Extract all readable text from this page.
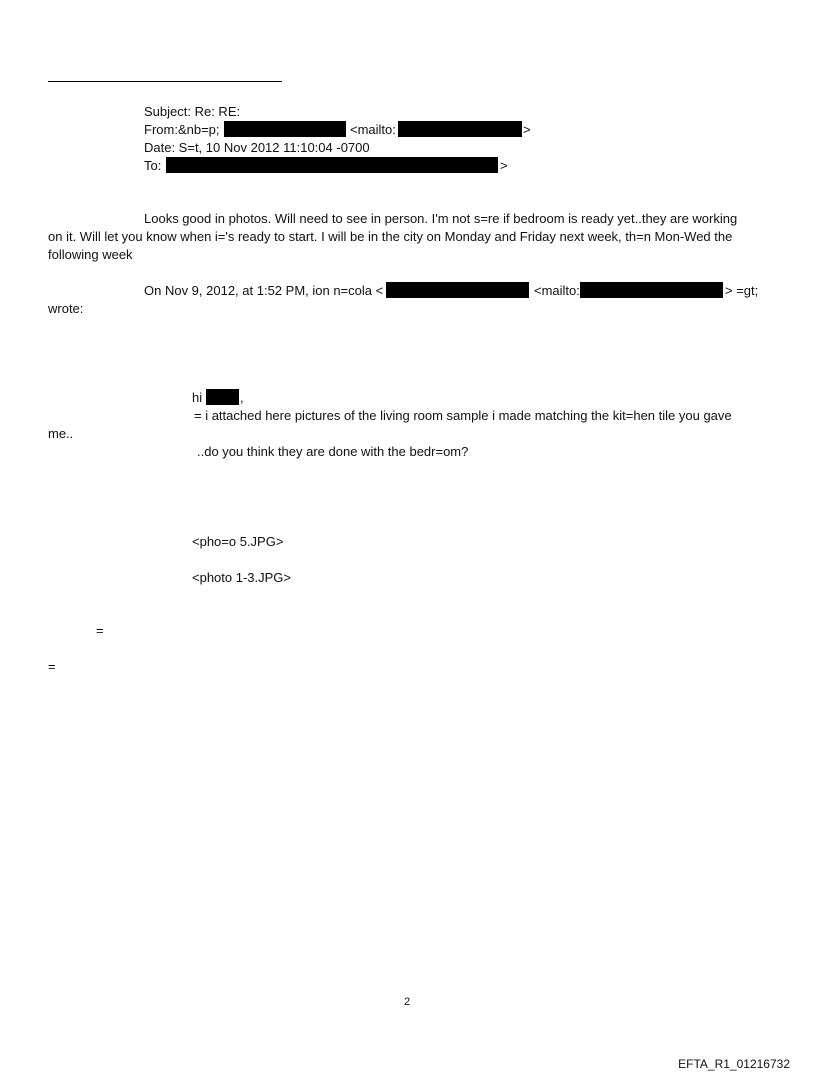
Subject: Re: RE:
From:&nb=p;	<mailto:	>
Date: S=t, 10 Nov 2012 11:10:04 -0700
To:	>
Looks good in photos. Will need to see in person. I'm not s=re if bedroom is ready yet..they are working
on it. Will let you know when i='s ready to start. I will be in the city on Monday and Friday next week, th=n Mon-Wed the
following week
On Nov 9, 2012, at 1:52 PM, ion n=cola <	<mailto:	> =gt;
wrote:
hi	,
= i attached here pictures of the living room sample i made matching the kit=hen tile you gave
me..
..do you think they are done with the bedr=om?
<pho=o 5.JPG>
<photo 1-3.JPG>
=
=
2
EFTA_R1_01216732
